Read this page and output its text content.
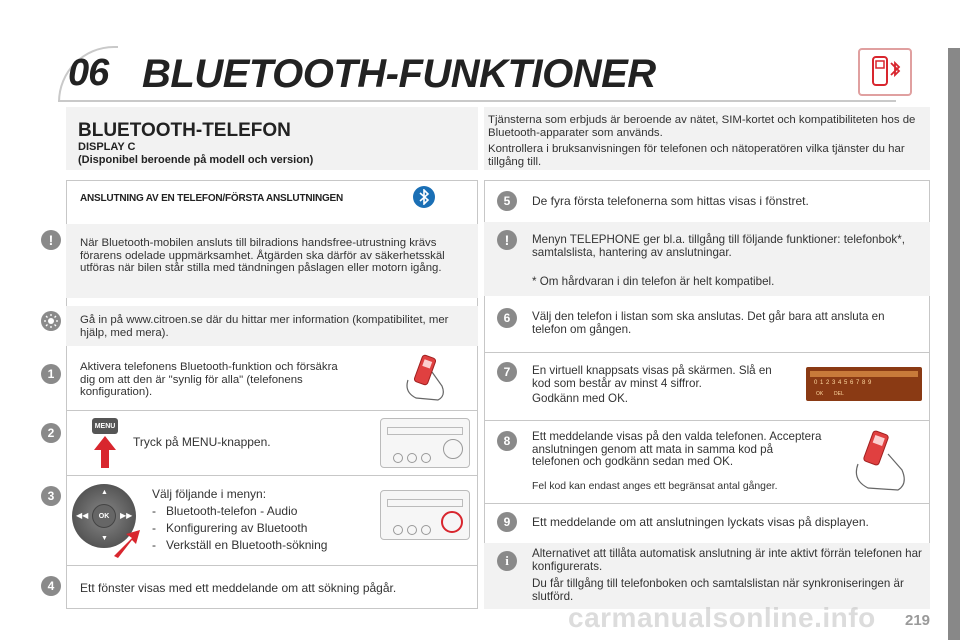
06 BLUETOOTH-FUNKTIONER
BLUETOOTH-TELEFON
DISPLAY C
(Disponibel beroende på modell och version)
ANSLUTNING AV EN TELEFON/FÖRSTA ANSLUTNINGEN
!	När Bluetooth-mobilen ansluts till bilradions handsfree-utrustning krävs förarens odelade uppmärksamhet. Åtgärden ska därför av säkerhetsskäl utföras när bilen står stilla med tändningen påslagen eller motorn igång.
Gå in på www.citroen.se där du hittar mer information (kompatibilitet, mer hjälp, med mera).
1	Aktivera telefonens Bluetooth-funktion och försäkra dig om att den är "synlig för alla" (telefonens konfiguration).
2	MENU
Tryck på MENU-knappen.
3
OK
▲
▼
◀◀	▶▶
Välj följande i menyn:
-   Bluetooth-telefon - Audio
-   Konfigurering av Bluetooth
-   Verkställ en Bluetooth-sökning
4	Ett fönster visas med ett meddelande om att sökning pågår.
Tjänsterna som erbjuds är beroende av nätet, SIM-kortet och kompatibiliteten hos de Bluetooth-apparater som används.
Kontrollera i bruksanvisningen för telefonen och nätoperatören vilka tjänster du har tillgång till.
5	De fyra första telefonerna som hittas visas i fönstret.
!	Menyn TELEPHONE ger bl.a. tillgång till följande funktioner: telefonbok*, samtalslista, hantering av anslutningar.
* Om hårdvaran i din telefon är helt kompatibel.
6	Välj den telefon i listan som ska anslutas. Det går bara att ansluta en telefon om gången.
7	En virtuell knappsats visas på skärmen. Slå en kod som består av minst 4 siffror.
Godkänn med OK.
0 1 2 3 4 5 6 7 8 9
OK DEL
8	Ett meddelande visas på den valda telefonen. Acceptera anslutningen genom att mata in samma kod på telefonen och godkänn sedan med OK.
Fel kod kan endast anges ett begränsat antal gånger.
9	Ett meddelande om att anslutningen lyckats visas på displayen.
i	Alternativet att tillåta automatisk anslutning är inte aktivt förrän telefonen har konfigurerats.
Du får tillgång till telefonboken och samtalslistan när synkroniseringen är slutförd.
219
carmanualsonline.info
